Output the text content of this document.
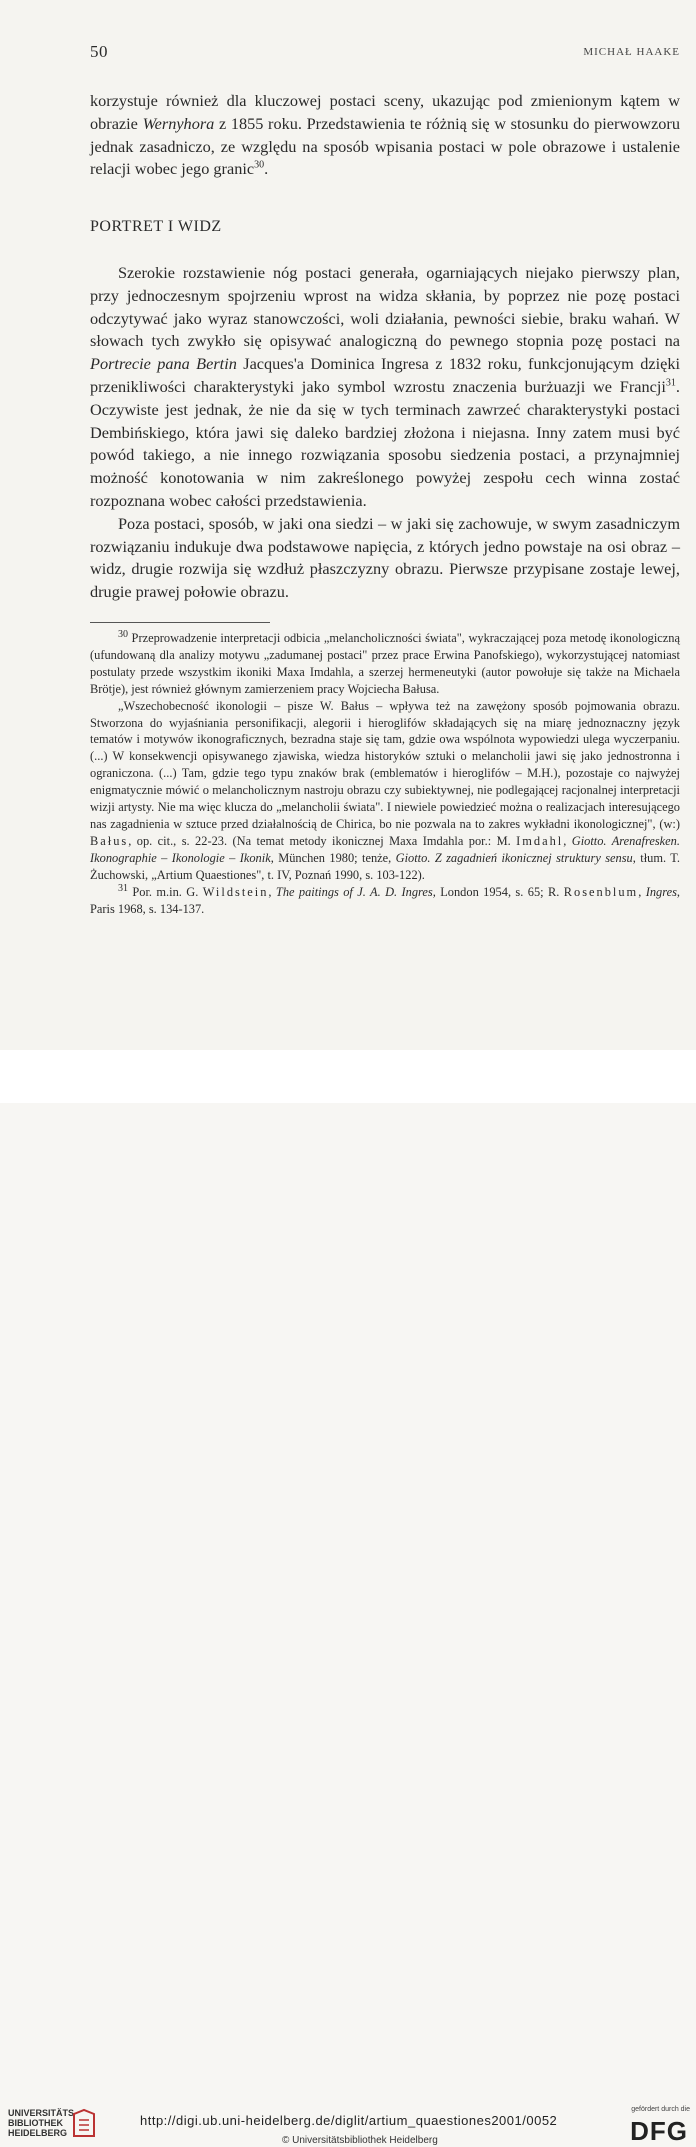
50	MICHAŁ HAAKE

korzystuje również dla kluczowej postaci sceny, ukazując pod zmienionym kątem w obrazie Wernyhora z 1855 roku. Przedstawienia te różnią się w stosunku do pierwowzoru jednak zasadniczo, ze względu na sposób wpisania postaci w pole obrazowe i ustalenie relacji wobec jego granic$^{30}$.

PORTRET I WIDZ

Szerokie rozstawienie nóg postaci generała, ogarniających niejako pierwszy plan, przy jednoczesnym spojrzeniu wprost na widza skłania, by poprzez nie pozę postaci odczytywać jako wyraz stanowczości, woli działania, pewności siebie, braku wahań. W słowach tych zwykło się opisywać analogiczną do pewnego stopnia pozę postaci na Portrecie pana Bertin Jacques'a Dominica Ingresa z 1832 roku, funkcjonującym dzięki przenikliwości charakterystyki jako symbol wzrostu znaczenia burżuazji we Francji$^{31}$. Oczywiste jest jednak, że nie da się w tych terminach zawrzeć charakterystyki postaci Dembińskiego, która jawi się daleko bardziej złożona i niejasna. Inny zatem musi być powód takiego, a nie innego rozwiązania sposobu siedzenia postaci, a przynajmniej możność konotowania w nim zakreślonego powyżej zespołu cech winna zostać rozpoznana wobec całości przedstawienia.

Poza postaci, sposób, w jaki ona siedzi – w jaki się zachowuje, w swym zasadniczym rozwiązaniu indukuje dwa podstawowe napięcia, z których jedno powstaje na osi obraz – widz, drugie rozwija się wzdłuż płaszczyzny obrazu. Pierwsze przypisane zostaje lewej, drugie prawej połowie obrazu.

$^{30}$ Przeprowadzenie interpretacji odbicia „melancholiczności świata", wykraczającej poza metodę ikonologiczną (ufundowaną dla analizy motywu „zadumanej postaci" przez prace Erwina Panofskiego), wykorzystującej natomiast postulaty przede wszystkim ikoniki Maxa Imdahla, a szerzej hermeneutyki (autor powołuje się także na Michaela Brötje), jest również głównym zamierzeniem pracy Wojciecha Bałusa.

„Wszechobecność ikonologii – pisze W. Bałus – wpływa też na zawężony sposób pojmowania obrazu. Stworzona do wyjaśniania personifikacji, alegorii i hieroglifów składających się na miarę jednoznaczny język tematów i motywów ikonograficznych, bezradna staje się tam, gdzie owa wspólnota wypowiedzi ulega wyczerpaniu. (...) W konsekwencji opisywanego zjawiska, wiedza historyków sztuki o melancholii jawi się jako jednostronna i ograniczona. (...) Tam, gdzie tego typu znaków brak (emblematów i hieroglifów – M.H.), pozostaje co najwyżej enigmatycznie mówić o melancholicznym nastroju obrazu czy subiektywnej, nie podlegającej racjonalnej interpretacji wizji artysty. Nie ma więc klucza do „melancholii świata". I niewiele powiedzieć można o realizacjach interesującego nas zagadnienia w sztuce przed działalnością de Chirica, bo nie pozwala na to zakres wykładni ikonologicznej", (w:) Bałus, op. cit., s. 22-23. (Na temat metody ikonicznej Maxa Imdahla por.: M. Imdahl, Giotto. Arenafresken. Ikonographie – Ikonologie – Ikonik, München 1980; tenże, Giotto. Z zagadnień ikonicznej struktury sensu, tłum. T. Żuchowski, „Artium Quaestiones", t. IV, Poznań 1990, s. 103-122).

$^{31}$ Por. m.in. G. Wildstein, The paitings of J. A. D. Ingres, London 1954, s. 65; R. Rosenblum, Ingres, Paris 1968, s. 134-137.

UNIVERSITÄTS-
BIBLIOTHEK
HEIDELBERG
http://digi.ub.uni-heidelberg.de/diglit/artium_quaestiones2001/0052
© Universitätsbibliothek Heidelberg
gefördert durch die
DFG
